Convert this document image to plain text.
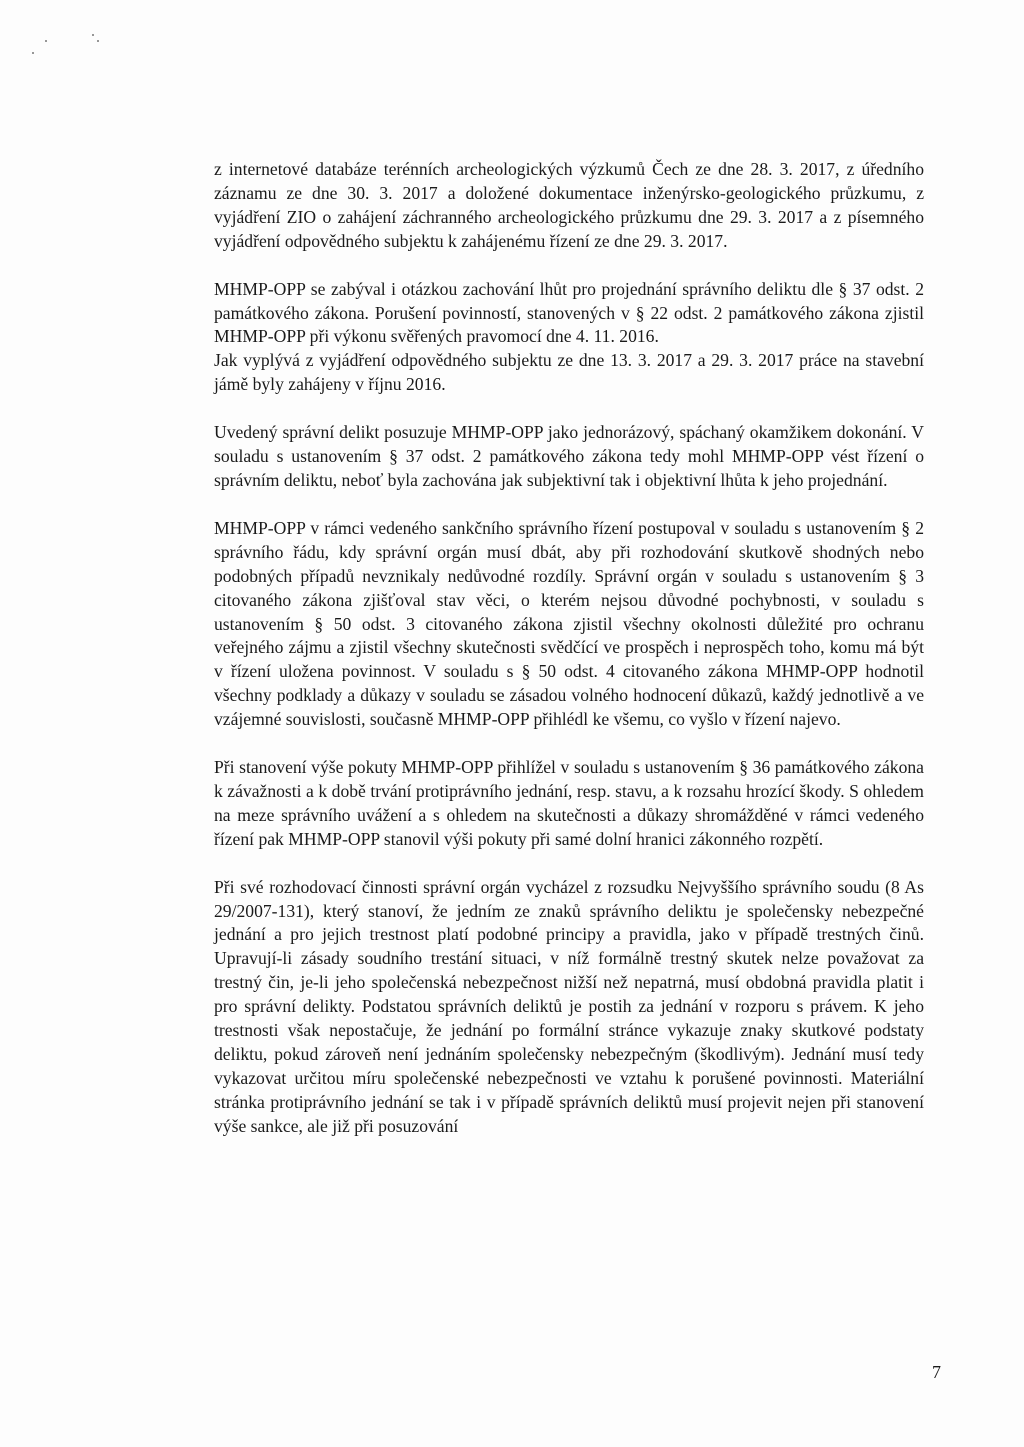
z internetové databáze terénních archeologických výzkumů Čech ze dne 28. 3. 2017, z úředního záznamu ze dne 30. 3. 2017 a doložené dokumentace inženýrsko-geologického průzkumu, z vyjádření ZIO o zahájení záchranného archeologického průzkumu dne 29. 3. 2017 a z písemného vyjádření odpovědného subjektu k zahájenému řízení ze dne 29. 3. 2017.

MHMP-OPP se zabýval i otázkou zachování lhůt pro projednání správního deliktu dle § 37 odst. 2 památkového zákona. Porušení povinností, stanovených v § 22 odst. 2 památkového zákona zjistil MHMP-OPP při výkonu svěřených pravomocí dne 4. 11. 2016.

Jak vyplývá z vyjádření odpovědného subjektu ze dne 13. 3. 2017 a 29. 3. 2017 práce na stavební jámě byly zahájeny v říjnu 2016.

Uvedený správní delikt posuzuje MHMP-OPP jako jednorázový, spáchaný okamžikem dokonání. V souladu s ustanovením § 37 odst. 2 památkového zákona tedy mohl MHMP-OPP vést řízení o správním deliktu, neboť byla zachována jak subjektivní tak i objektivní lhůta k jeho projednání.

MHMP-OPP v rámci vedeného sankčního správního řízení postupoval v souladu s ustanovením § 2 správního řádu, kdy správní orgán musí dbát, aby při rozhodování skutkově shodných nebo podobných případů nevznikaly nedůvodné rozdíly. Správní orgán v souladu s ustanovením § 3 citovaného zákona zjišťoval stav věci, o kterém nejsou důvodné pochybnosti, v souladu s ustanovením § 50 odst. 3 citovaného zákona zjistil všechny okolnosti důležité pro ochranu veřejného zájmu a zjistil všechny skutečnosti svědčící ve prospěch i neprospěch toho, komu má být v řízení uložena povinnost. V souladu s § 50 odst. 4 citovaného zákona MHMP-OPP hodnotil všechny podklady a důkazy v souladu se zásadou volného hodnocení důkazů, každý jednotlivě a ve vzájemné souvislosti, současně MHMP-OPP přihlédl ke všemu, co vyšlo v řízení najevo.

Při stanovení výše pokuty MHMP-OPP přihlížel v souladu s ustanovením § 36 památkového zákona k závažnosti a k době trvání protiprávního jednání, resp. stavu, a k rozsahu hrozící škody. S ohledem na meze správního uvážení a s ohledem na skutečnosti a důkazy shromážděné v rámci vedeného řízení pak MHMP-OPP stanovil výši pokuty při samé dolní hranici zákonného rozpětí.

Při své rozhodovací činnosti správní orgán vycházel z rozsudku Nejvyššího správního soudu (8 As 29/2007-131), který stanoví, že jedním ze znaků správního deliktu je společensky nebezpečné jednání a pro jejich trestnost platí podobné principy a pravidla, jako v případě trestných činů. Upravují-li zásady soudního trestání situaci, v níž formálně trestný skutek nelze považovat za trestný čin, je-li jeho společenská nebezpečnost nižší než nepatrná, musí obdobná pravidla platit i pro správní delikty. Podstatou správních deliktů je postih za jednání v rozporu s právem. K jeho trestnosti však nepostačuje, že jednání po formální stránce vykazuje znaky skutkové podstaty deliktu, pokud zároveň není jednáním společensky nebezpečným (škodlivým). Jednání musí tedy vykazovat určitou míru společenské nebezpečnosti ve vztahu k porušené povinnosti. Materiální stránka protiprávního jednání se tak i v případě správních deliktů musí projevit nejen při stanovení výše sankce, ale již při posuzování

7
